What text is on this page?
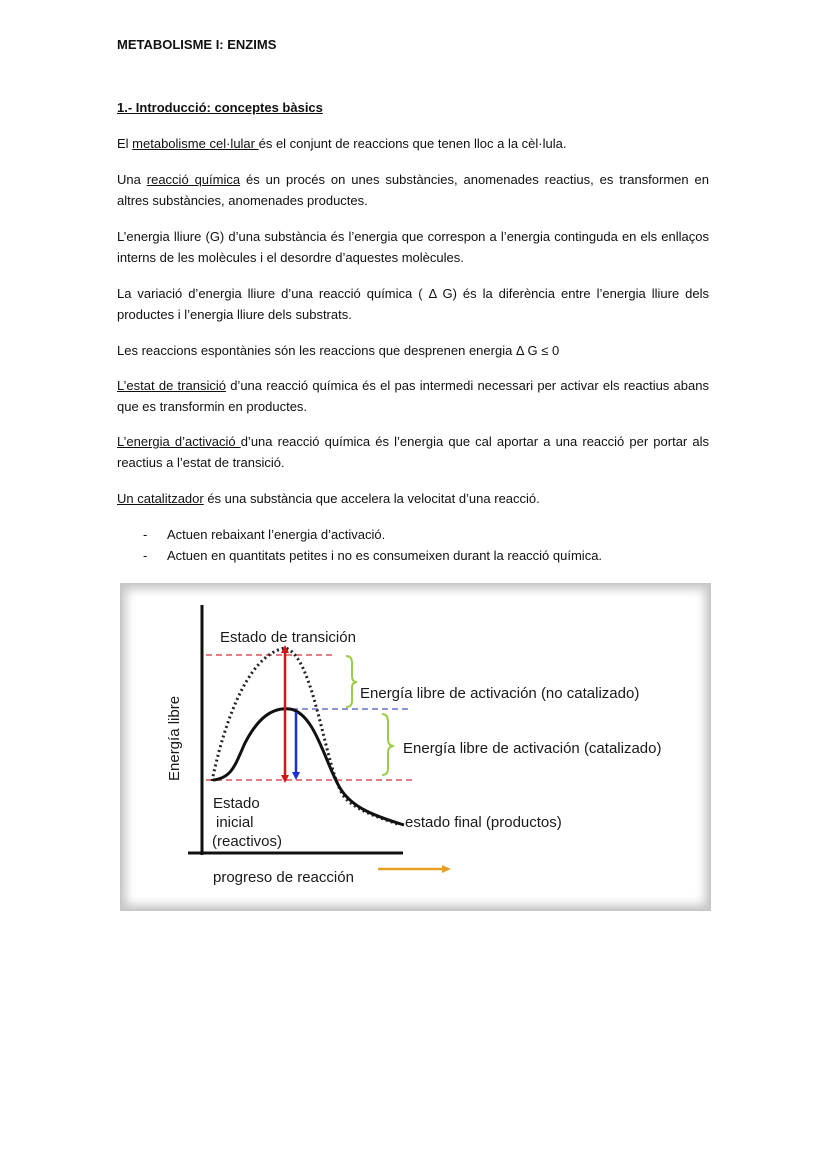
METABOLISME I: ENZIMS
1.- Introducció: conceptes bàsics
El metabolisme cel·lular és el conjunt de reaccions que tenen lloc a la cèl·lula.
Una reacció química és un procés on unes substàncies, anomenades reactius, es transformen en altres substàncies, anomenades productes.
L’energia lliure (G) d’una substància és l’energia que correspon a l’energia continguda en els enllaços interns de les molècules i el desordre d’aquestes molècules.
La variació d’energia lliure d’una reacció química ( Δ G) és la diferència entre l’energia lliure dels productes i l’energia lliure dels substrats.
Les reaccions espontànies són les reaccions que desprenen energia Δ G ≤ 0
L’estat de transició d’una reacció química és el pas intermedi necessari per activar els reactius abans que es transformin en productes.
L’energia d’activació d’una reacció química és l’energia que cal aportar a una reacció per portar als reactius a l’estat de transició.
Un catalitzador és una substància que accelera la velocitat d’una reacció.
- Actuen rebaixant l’energia d’activació.
- Actuen en quantitats petites i no es consumeixen durant la reacció química.
Energía libre
Estado de transición
Energía libre de activación (no catalizado)
Energía libre de activación (catalizado)
Estado
inicial
(reactivos)
estado final (productos)
progreso de reacción
